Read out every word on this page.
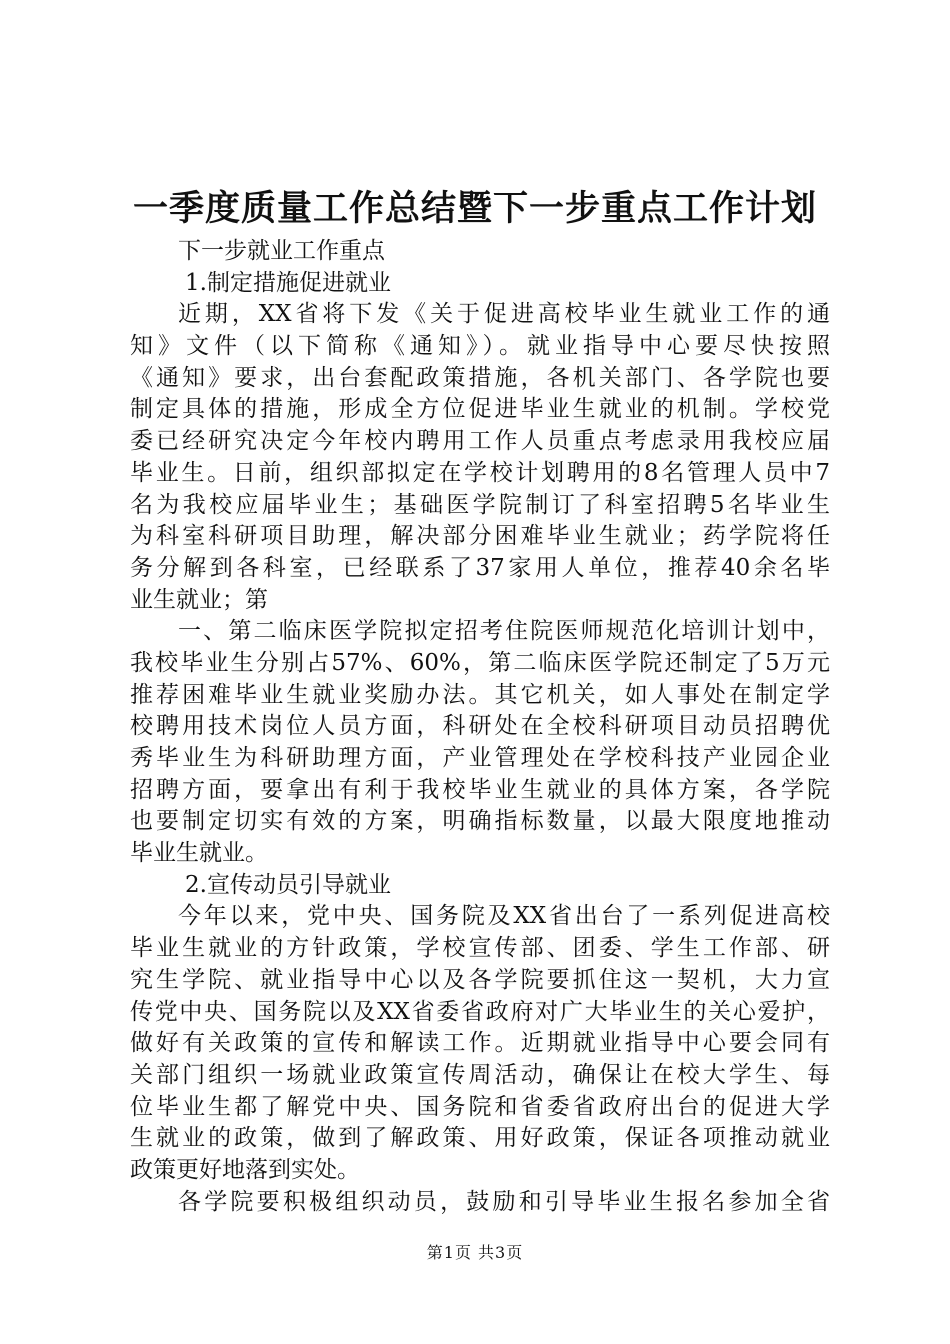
一季度质量工作总结暨下一步重点工作计划
下一步就业工作重点
1.制定措施促进就业
近期，XX省将下发《关于促进高校毕业生就业工作的通
知》文件（以下简称《通知》）。就业指导中心要尽快按照
《通知》要求，出台套配政策措施，各机关部门、各学院也要
制定具体的措施，形成全方位促进毕业生就业的机制。学校党
委已经研究决定今年校内聘用工作人员重点考虑录用我校应届
毕业生。日前，组织部拟定在学校计划聘用的8名管理人员中7
名为我校应届毕业生；基础医学院制订了科室招聘5名毕业生
为科室科研项目助理，解决部分困难毕业生就业；药学院将任
务分解到各科室，已经联系了37家用人单位，推荐40余名毕
业生就业；第
一、第二临床医学院拟定招考住院医师规范化培训计划中，
我校毕业生分别占57%、60%，第二临床医学院还制定了5万元
推荐困难毕业生就业奖励办法。其它机关，如人事处在制定学
校聘用技术岗位人员方面，科研处在全校科研项目动员招聘优
秀毕业生为科研助理方面，产业管理处在学校科技产业园企业
招聘方面，要拿出有利于我校毕业生就业的具体方案，各学院
也要制定切实有效的方案，明确指标数量，以最大限度地推动
毕业生就业。
2.宣传动员引导就业
今年以来，党中央、国务院及XX省出台了一系列促进高校
毕业生就业的方针政策，学校宣传部、团委、学生工作部、研
究生学院、就业指导中心以及各学院要抓住这一契机，大力宣
传党中央、国务院以及XX省委省政府对广大毕业生的关心爱护，
做好有关政策的宣传和解读工作。近期就业指导中心要会同有
关部门组织一场就业政策宣传周活动，确保让在校大学生、每
位毕业生都了解党中央、国务院和省委省政府出台的促进大学
生就业的政策，做到了解政策、用好政策，保证各项推动就业
政策更好地落到实处。
各学院要积极组织动员，鼓励和引导毕业生报名参加全省
第1页 共3页
